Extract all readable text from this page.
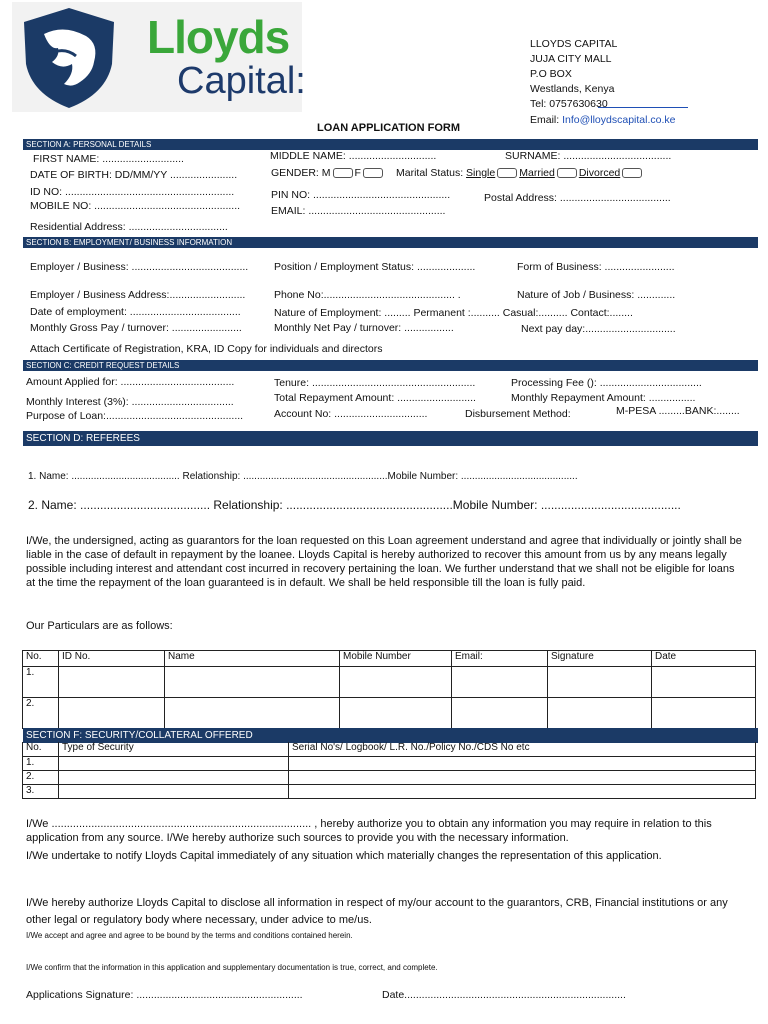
Lloyds
Capital:
LLOYDS CAPITAL
JUJA CITY MALL
P.O BOX
Westlands, Kenya
Tel: 0757630630
Email: Info@lloydscapital.co.ke
LOAN APPLICATION FORM
SECTION A: PERSONAL DETAILS
FIRST NAME: ............................	MIDDLE NAME: ..............................	SURNAME: .....................................
DATE OF BIRTH: DD/MM/YY .......................	GENDER: M F	Marital Status: Single Married Divorced
ID NO: ..........................................................	PIN NO: ...............................................	Postal Address: ......................................
MOBILE NO: ..................................................	EMAIL: ...............................................
Residential Address: ..................................
SECTION B: EMPLOYMENT/ BUSINESS INFORMATION
Employer / Business: ........................................ Position / Employment Status: ....................	Form of Business: ........................
Employer / Business Address:..........................	Phone No:............................................. .	Nature of Job / Business: .............
Date of employment: ......................................	Nature of Employment: ......... Permanent :.......... Casual:.......... Contact:........
Monthly Gross Pay / turnover: ........................	Monthly Net Pay / turnover: .................	Next pay day:...............................
Attach Certificate of Registration, KRA, ID Copy for individuals and directors
SECTION C: CREDIT REQUEST DETAILS
Amount Applied for: .......................................	Tenure: ........................................................	Processing Fee (): ...................................
Monthly Interest (3%): ...................................	Total Repayment Amount: ...........................	Monthly Repayment Amount: ................
Purpose of Loan:...............................................	Account No: ................................	Disbursement Method:	M-PESA .........BANK:........
SECTION D: REFEREES
1. Name: ....................................... Relationship: ....................................................Mobile Number: ..........................................
2. Name: ....................................... Relationship: ..................................................Mobile Number: ..........................................
I/We, the undersigned, acting as guarantors for the loan requested on this Loan agreement understand and agree that individually or jointly shall be liable in the case of default in repayment by the loanee. Lloyds Capital is hereby authorized to recover this amount from us by any means legally possible including interest and attendant cost incurred in recovery pertaining the loan. We further understand that we shall not be eligible for loans at the time the repayment of the loan guaranteed is in default. We shall be held responsible till the loan is fully paid.
Our Particulars are as follows:
No.	ID No.	Name	Mobile Number	Email:	Signature	Date
1.						
2.						
SECTION F: SECURITY/COLLATERAL OFFERED
No.	Type of Security	Serial No's/ Logbook/ L.R. No./Policy No./CDS No etc
1.		
2.		
3.		
I/We ..................................................................................... , hereby authorize you to obtain any information you may require in relation to this application from any source. I/We hereby authorize such sources to provide you with the necessary information.
I/We undertake to notify Lloyds Capital immediately of any situation which materially changes the representation of this application.
I/We hereby authorize Lloyds Capital to disclose all information in respect of my/our account to the guarantors, CRB, Financial institutions or any other legal or regulatory body where necessary, under advice to me/us.
I/We accept and agree and agree to be bound by the terms and conditions contained herein.
I/We confirm that the information in this application and supplementary documentation is true, correct, and complete.
Applications Signature: .........................................................	Date............................................................................
